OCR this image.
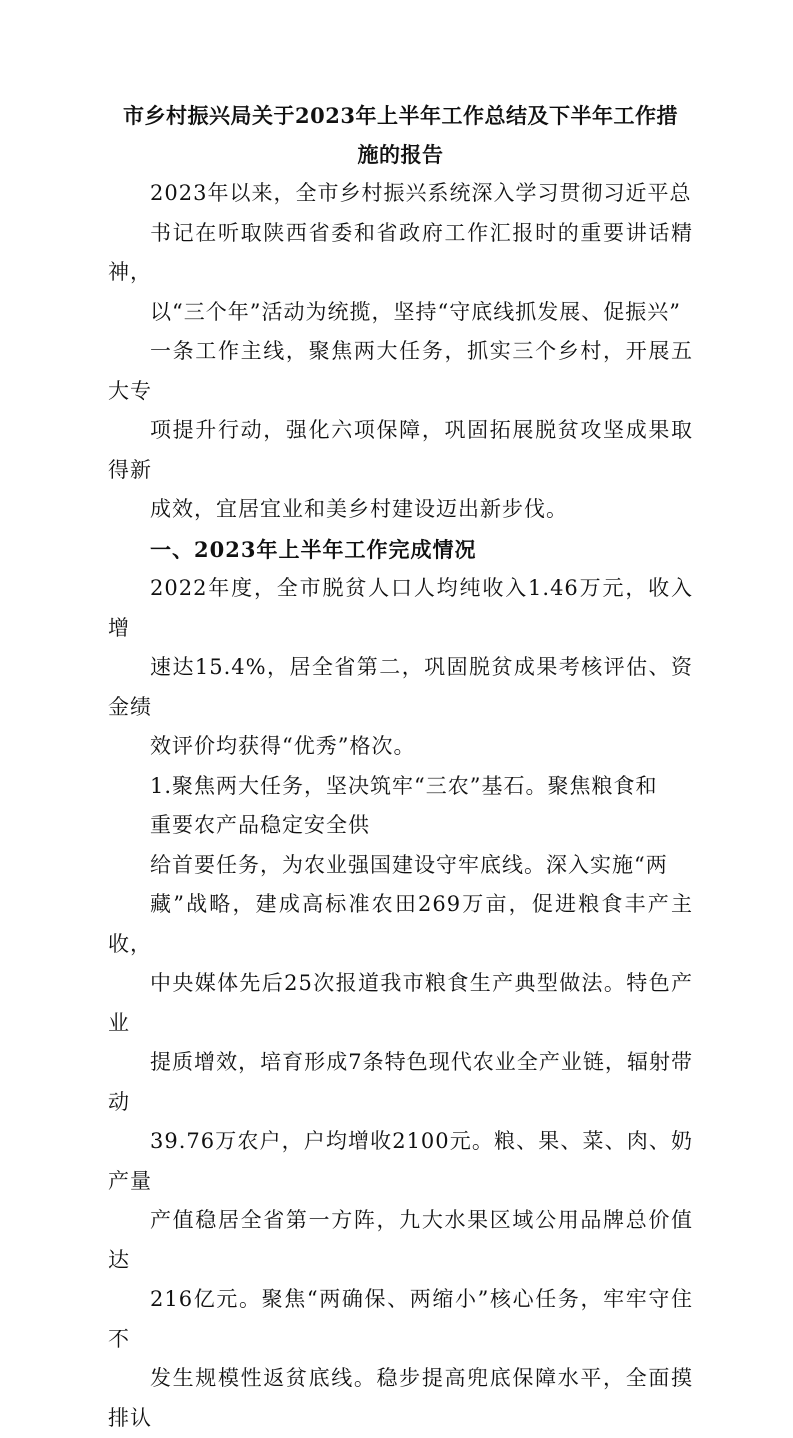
市乡村振兴局关于2023年上半年工作总结及下半年工作措
施的报告

2023年以来，全市乡村振兴系统深入学习贯彻习近平总
书记在听取陕西省委和省政府工作汇报时的重要讲话精神，
以“三个年”活动为统揽，坚持“守底线抓发展、促振兴”
一条工作主线，聚焦两大任务，抓实三个乡村，开展五大专
项提升行动，强化六项保障，巩固拓展脱贫攻坚成果取得新
成效，宜居宜业和美乡村建设迈出新步伐。

一、2023年上半年工作完成情况

2022年度，全市脱贫人口人均纯收入1.46万元，收入增
速达15.4%，居全省第二，巩固脱贫成果考核评估、资金绩
效评价均获得“优秀”格次。

1.聚焦两大任务，坚决筑牢“三农”基石。聚焦粮食和
重要农产品稳定安全供

给首要任务，为农业强国建设守牢底线。深入实施“两
藏”战略，建成高标准农田269万亩，促进粮食丰产主收，
中央媒体先后25次报道我市粮食生产典型做法。特色产业
提质增效，培育形成7条特色现代农业全产业链，辐射带动
39.76万农户，户均增收2100元。粮、果、菜、肉、奶产量
产值稳居全省第一方阵，九大水果区域公用品牌总价值达
216亿元。聚焦“两确保、两缩小”核心任务，牢牢守住不
发生规模性返贫底线。稳步提高兜底保障水平，全面摸排认
